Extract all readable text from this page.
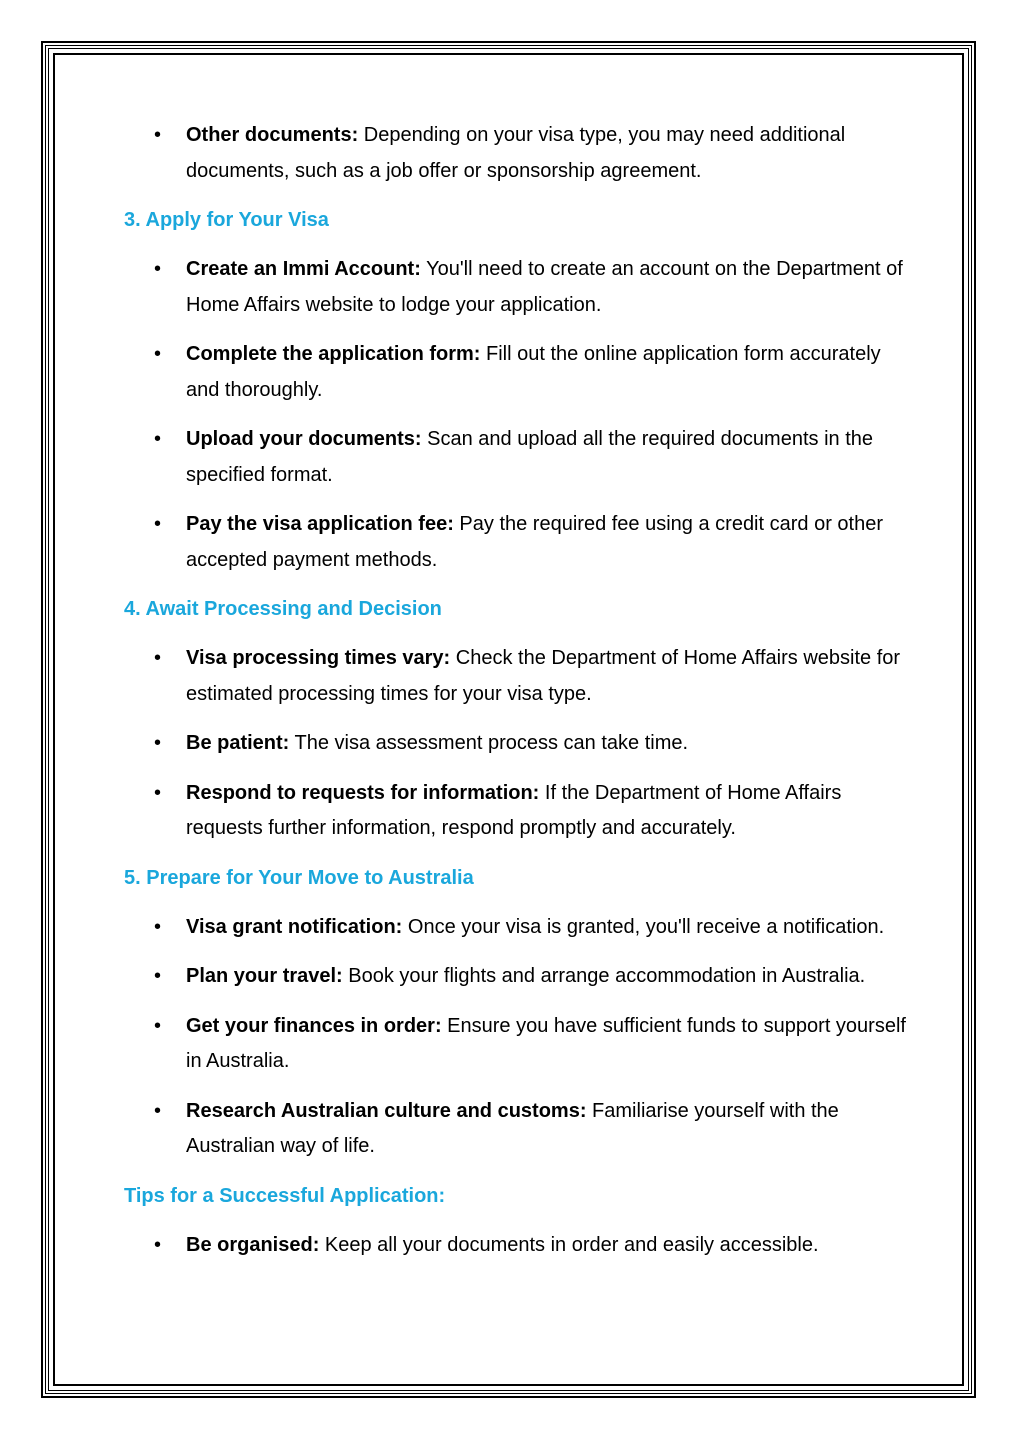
• Other documents: Depending on your visa type, you may need additional documents, such as a job offer or sponsorship agreement.
3. Apply for Your Visa
• Create an Immi Account: You'll need to create an account on the Department of Home Affairs website to lodge your application.
• Complete the application form: Fill out the online application form accurately and thoroughly.
• Upload your documents: Scan and upload all the required documents in the specified format.
• Pay the visa application fee: Pay the required fee using a credit card or other accepted payment methods.
4. Await Processing and Decision
• Visa processing times vary: Check the Department of Home Affairs website for estimated processing times for your visa type.
• Be patient: The visa assessment process can take time.
• Respond to requests for information: If the Department of Home Affairs requests further information, respond promptly and accurately.
5. Prepare for Your Move to Australia
• Visa grant notification: Once your visa is granted, you'll receive a notification.
• Plan your travel: Book your flights and arrange accommodation in Australia.
• Get your finances in order: Ensure you have sufficient funds to support yourself in Australia.
• Research Australian culture and customs: Familiarise yourself with the Australian way of life.
Tips for a Successful Application:
• Be organised: Keep all your documents in order and easily accessible.
